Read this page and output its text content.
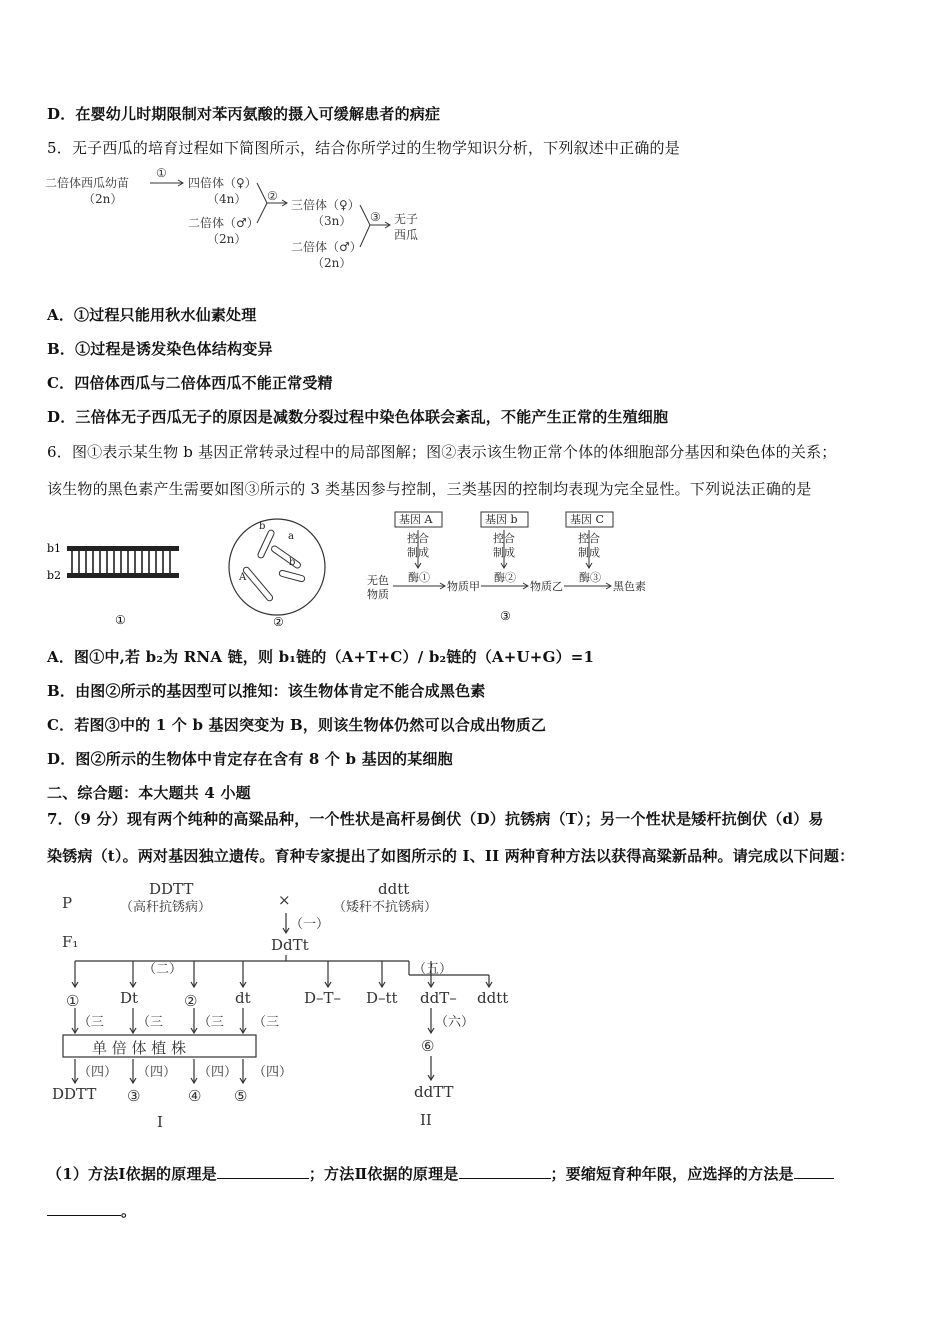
D．在婴幼儿时期限制对苯丙氨酸的摄入可缓解患者的病症
5．无子西瓜的培育过程如下简图所示，结合你所学过的生物学知识分析，下列叙述中正确的是
二倍体西瓜幼苗
（2n）
①
四倍体（♀）
（4n）
二倍体（♂）
（2n）
②
三倍体（♀）
（3n）
二倍体（♂）
（2n）
③ 无子
西瓜
A．①过程只能用秋水仙素处理
B．①过程是诱发染色体结构变异
C．四倍体西瓜与二倍体西瓜不能正常受精
D．三倍体无子西瓜无子的原因是减数分裂过程中染色体联会紊乱，不能产生正常的生殖细胞
6．图①表示某生物 b 基因正常转录过程中的局部图解；图②表示该生物正常个体的体细胞部分基因和染色体的关系；
该生物的黑色素产生需要如图③所示的 3 类基因参与控制，三类基因的控制均表现为完全显性。下列说法正确的是
b1
b2
①
b
a
A
b
②
基因 A	基因 b	基因 C
控合
制成
控合
制成
控合
制成
酶①	酶②	酶③
无色
物质
物质甲	物质乙	黑色素
③
A．图①中,若 b₂为 RNA 链，则 b₁链的（A+T+C）/ b₂链的（A+U+G）=1
B．由图②所示的基因型可以推知：该生物体肯定不能合成黑色素
C．若图③中的 1 个 b 基因突变为 B，则该生物体仍然可以合成出物质乙
D．图②所示的生物体中肯定存在含有 8 个 b 基因的某细胞
二、综合题：本大题共 4 小题
7．（9 分）现有两个纯种的高粱品种，一个性状是高杆易倒伏（D）抗锈病（T）；另一个性状是矮杆抗倒伏（d）易
染锈病（t）。两对基因独立遗传。育种专家提出了如图所示的 I、II 两种育种方法以获得高粱新品种。请完成以下问题：
P
F₁
DDTT
（高秆抗锈病）	×
ddtt
（矮秆不抗锈病）
（一）
DdTt
（二）	（五）
①	Dt	②	dt
（三	（三	（三 （三
单 倍 体 植 株
（四） （四） （四） （四）
DDTT ③	④ ⑤
I
D–T– D–tt ddT– ddtt
（六）
⑥
ddTT
II
（1）方法Ⅰ依据的原理是	；方法Ⅱ依据的原理是	；要缩短育种年限，应选择的方法是
。
